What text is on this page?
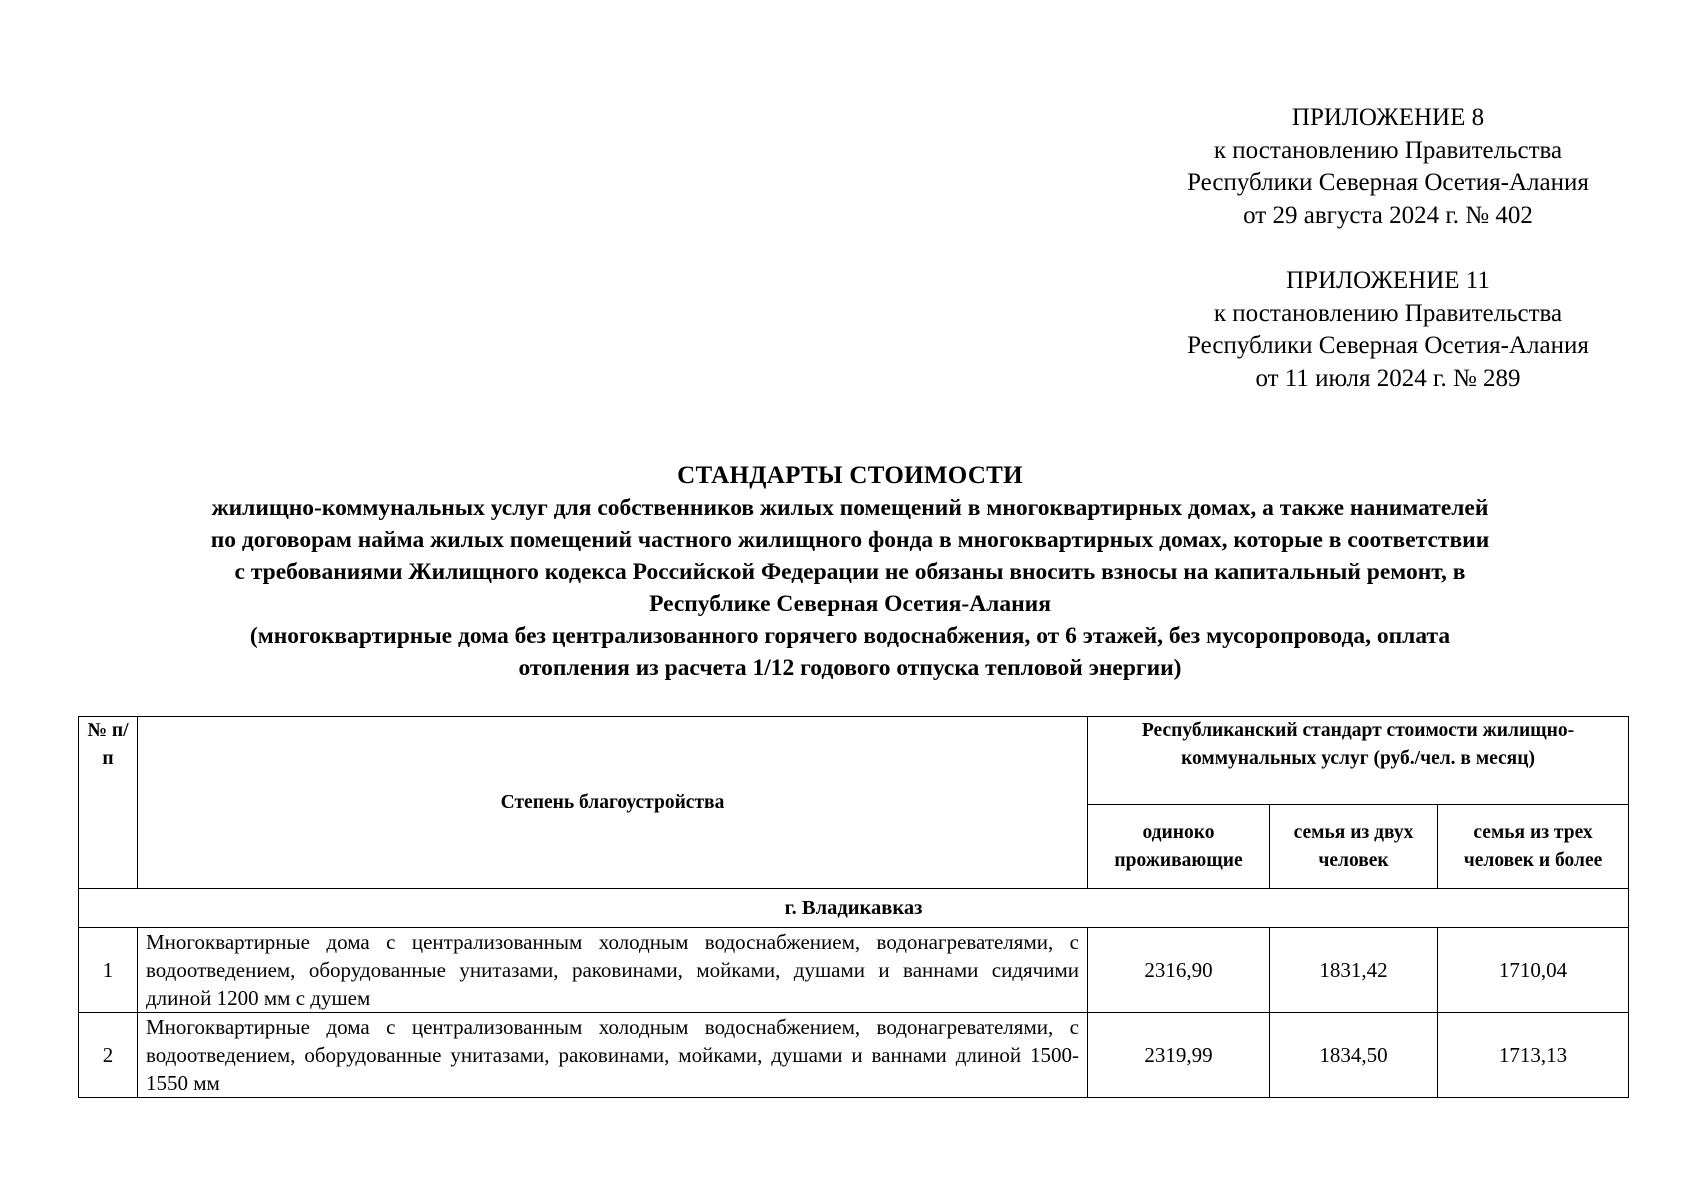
ПРИЛОЖЕНИЕ 8
к постановлению Правительства
Республики Северная Осетия-Алания
от 29 августа 2024 г. № 402
ПРИЛОЖЕНИЕ 11
к постановлению Правительства
Республики Северная Осетия-Алания
от 11 июля 2024 г. № 289
СТАНДАРТЫ СТОИМОСТИ
жилищно-коммунальных услуг для собственников жилых помещений в многоквартирных домах, а также нанимателей
по договорам найма жилых помещений частного жилищного фонда в многоквартирных домах, которые в соответствии
с требованиями Жилищного кодекса Российской Федерации не обязаны вносить взносы на капитальный ремонт, в
Республике Северная Осетия-Алания
(многоквартирные дома без централизованного горячего водоснабжения, от 6 этажей, без мусоропровода, оплата
отопления из расчета 1/12 годового отпуска тепловой энергии)
№ п/п	Степень благоустройства	Республиканский стандарт стоимости жилищно-коммунальных услуг (руб./чел. в месяц)		
		одиноко проживающие	семья из двух человек	семья из трех человек и более
г. Владикавказ				
1	Многоквартирные дома с централизованным холодным водоснабжением, водонагревателями, с водоотведением, оборудованные унитазами, раковинами, мойками, душами и ваннами сидячими длиной 1200 мм с душем	2316,90	1831,42	1710,04
2	Многоквартирные дома с централизованным холодным водоснабжением, водонагревателями, с водоотведением, оборудованные унитазами, раковинами, мойками, душами и ваннами длиной 1500-1550 мм	2319,99	1834,50	1713,13
